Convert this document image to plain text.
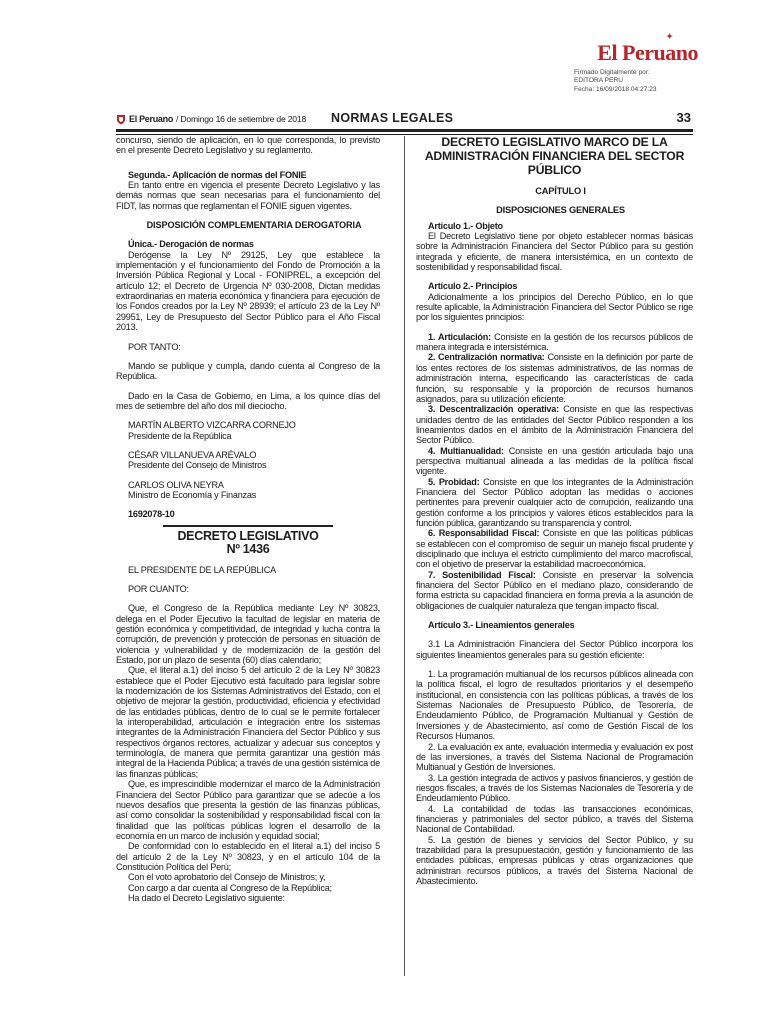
✦
El Peruano
Firmado Digitalmente por:
EDITORA PERU
Fecha: 16/09/2018 04:27:23
El Peruano / Domingo 16 de setiembre de 2018 NORMAS LEGALES	33

concurso, siendo de aplicación, en lo que corresponda, lo previsto en el presente Decreto Legislativo y su reglamento.

Segunda.- Aplicación de normas del FONIE

En tanto entre en vigencia el presente Decreto Legislativo y las demás normas que sean necesarias para el funcionamiento del FIDT, las normas que reglamentan el FONIE siguen vigentes.

DISPOSICIÓN COMPLEMENTARIA DEROGATORIA

Única.- Derogación de normas

Derógense la Ley Nº 29125, Ley que establece la implementación y el funcionamiento del Fondo de Promoción a la Inversión Pública Regional y Local - FONIPREL, a excepción del artículo 12; el Decreto de Urgencia Nº 030-2008, Dictan medidas extraordinarias en materia económica y financiera para ejecución de los Fondos creados por la Ley Nº 28939; el artículo 23 de la Ley Nº 29951, Ley de Presupuesto del Sector Público para el Año Fiscal 2013.

POR TANTO:

Mando se publique y cumpla, dando cuenta al Congreso de la República.

Dado en la Casa de Gobierno, en Lima, a los quince días del mes de setiembre del año dos mil dieciocho.

MARTÍN ALBERTO VIZCARRA CORNEJO

Presidente de la República

CÉSAR VILLANUEVA ARÉVALO

Presidente del Consejo de Ministros

CARLOS OLIVA NEYRA

Ministro de Economía y Finanzas

1692078-10

DECRETO LEGISLATIVO
Nº 1436

EL PRESIDENTE DE LA REPÚBLICA

POR CUANTO:

Que, el Congreso de la República mediante Ley Nº 30823, delega en el Poder Ejecutivo la facultad de legislar en materia de gestión económica y competitividad, de integridad y lucha contra la corrupción, de prevención y protección de personas en situación de violencia y vulnerabilidad y de modernización de la gestión del Estado, por un plazo de sesenta (60) días calendario;

Que, el literal a.1) del inciso 5 del artículo 2 de la Ley Nº 30823 establece que el Poder Ejecutivo está facultado para legislar sobre la modernización de los Sistemas Administrativos del Estado, con el objetivo de mejorar la gestión, productividad, eficiencia y efectividad de las entidades públicas, dentro de lo cual se le permite fortalecer la interoperabilidad, articulación e integración entre los sistemas integrantes de la Administración Financiera del Sector Público y sus respectivos órganos rectores, actualizar y adecuar sus conceptos y terminología, de manera que permita garantizar una gestión más integral de la Hacienda Pública; a través de una gestión sistémica de las finanzas públicas;

Que, es imprescindible modernizar el marco de la Administración Financiera del Sector Público para garantizar que se adecúe a los nuevos desafíos que presenta la gestión de las finanzas públicas, así como consolidar la sostenibilidad y responsabilidad fiscal con la finalidad que las políticas públicas logren el desarrollo de la economía en un marco de inclusión y equidad social;

De conformidad con lo establecido en el literal a.1) del inciso 5 del artículo 2 de la Ley Nº 30823, y en el artículo 104 de la Constitución Política del Perú;

Con el voto aprobatorio del Consejo de Ministros; y,

Con cargo a dar cuenta al Congreso de la República;

Ha dado el Decreto Legislativo siguiente:

DECRETO LEGISLATIVO MARCO DE LA
ADMINISTRACIÓN FINANCIERA DEL SECTOR
PÚBLICO

CAPÍTULO I

DISPOSICIONES GENERALES

Artículo 1.- Objeto

El Decreto Legislativo tiene por objeto establecer normas básicas sobre la Administración Financiera del Sector Público para su gestión integrada y eficiente, de manera intersistémica, en un contexto de sostenibilidad y responsabilidad fiscal.

Artículo 2.- Principios

Adicionalmente a los principios del Derecho Público, en lo que resulte aplicable, la Administración Financiera del Sector Público se rige por los siguientes principios:

1. Articulación: Consiste en la gestión de los recursos públicos de manera integrada e intersistémica.

2. Centralización normativa: Consiste en la definición por parte de los entes rectores de los sistemas administrativos, de las normas de administración interna, especificando las características de cada función, su responsable y la proporción de recursos humanos asignados, para su utilización eficiente.

3. Descentralización operativa: Consiste en que las respectivas unidades dentro de las entidades del Sector Público responden a los lineamientos dados en el ámbito de la Administración Financiera del Sector Público.

4. Multianualidad: Consiste en una gestión articulada bajo una perspectiva multianual alineada a las medidas de la política fiscal vigente.

5. Probidad: Consiste en que los integrantes de la Administración Financiera del Sector Público adoptan las medidas o acciones pertinentes para prevenir cualquier acto de corrupción, realizando una gestión conforme a los principios y valores éticos establecidos para la función pública, garantizando su transparencia y control.

6. Responsabilidad Fiscal: Consiste en que las políticas públicas se establecen con el compromiso de seguir un manejo fiscal prudente y disciplinado que incluya el estricto cumplimiento del marco macrofiscal, con el objetivo de preservar la estabilidad macroeconómica.

7. Sostenibilidad Fiscal: Consiste en preservar la solvencia financiera del Sector Público en el mediano plazo, considerando de forma estricta su capacidad financiera en forma previa a la asunción de obligaciones de cualquier naturaleza que tengan impacto fiscal.

Artículo 3.- Lineamientos generales

3.1 La Administración Financiera del Sector Público incorpora los siguientes lineamientos generales para su gestión eficiente:

1. La programación multianual de los recursos públicos alineada con la política fiscal, el logro de resultados prioritarios y el desempeño institucional, en consistencia con las políticas públicas, a través de los Sistemas Nacionales de Presupuesto Público, de Tesorería, de Endeudamiento Público, de Programación Multianual y Gestión de Inversiones y de Abastecimiento, así como de Gestión Fiscal de los Recursos Humanos.

2. La evaluación ex ante, evaluación intermedia y evaluación ex post de las inversiones, a través del Sistema Nacional de Programación Multianual y Gestión de Inversiones.

3. La gestión integrada de activos y pasivos financieros, y gestión de riesgos fiscales, a través de los Sistemas Nacionales de Tesorería y de Endeudamiento Público.

4. La contabilidad de todas las transacciones económicas, financieras y patrimoniales del sector público, a través del Sistema Nacional de Contabilidad.

5. La gestión de bienes y servicios del Sector Público, y su trazabilidad para la presupuestación, gestión y funcionamiento de las entidades públicas, empresas públicas y otras organizaciones que administran recursos públicos, a través del Sistema Nacional de Abastecimiento.
